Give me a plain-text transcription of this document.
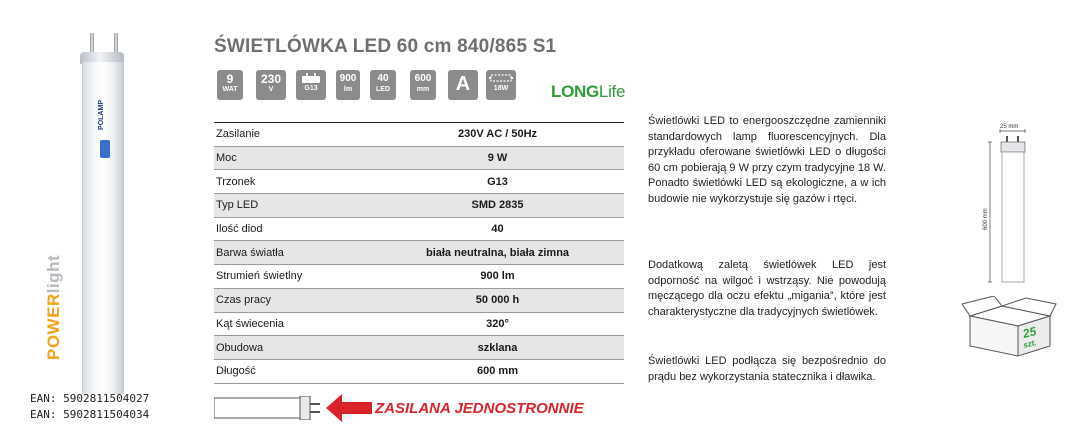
POLAMP
POWERlight
EAN: 5902811504027
EAN: 5902811504034
ŚWIETLÓWKA LED 60 cm 840/865 S1
9
WAT
230
V	G13
900
lm
40
LED
600
mm	A	18W	LONGLife
Zasilanie	230V AC / 50Hz
Moc	9 W
Trzonek	G13
Typ LED	SMD 2835
Ilość diod	40
Barwa światła	biała neutralna, biała zimna
Strumień świetlny	900 lm
Czas pracy	50 000 h
Kąt świecenia	320°
Obudowa	szklana
Długość	600 mm
ZASILANA JEDNOSTRONNIE
Świetlówki LED to energooszczędne zamienniki standardowych lamp fluorescencyjnych. Dla przykładu oferowane świetlówki LED o długości 60 cm pobierają 9 W przy czym tradycyjne 18 W. Ponadto świetlówki LED są ekologiczne, a w ich budowie nie wykorzystuje się gazów i rtęci.
Dodatkową zaletą świetlówek LED jest odporność na wilgoć i wstrząsy. Nie powodują męczącego dla oczu efektu „migania”, które jest charakterystyczne dla tradycyjnych świetlówek.
Świetlówki LED podłącza się bezpośrednio do prądu bez wykorzystania statecznika i dławika.
25 mm
600 mm
25
szt.
